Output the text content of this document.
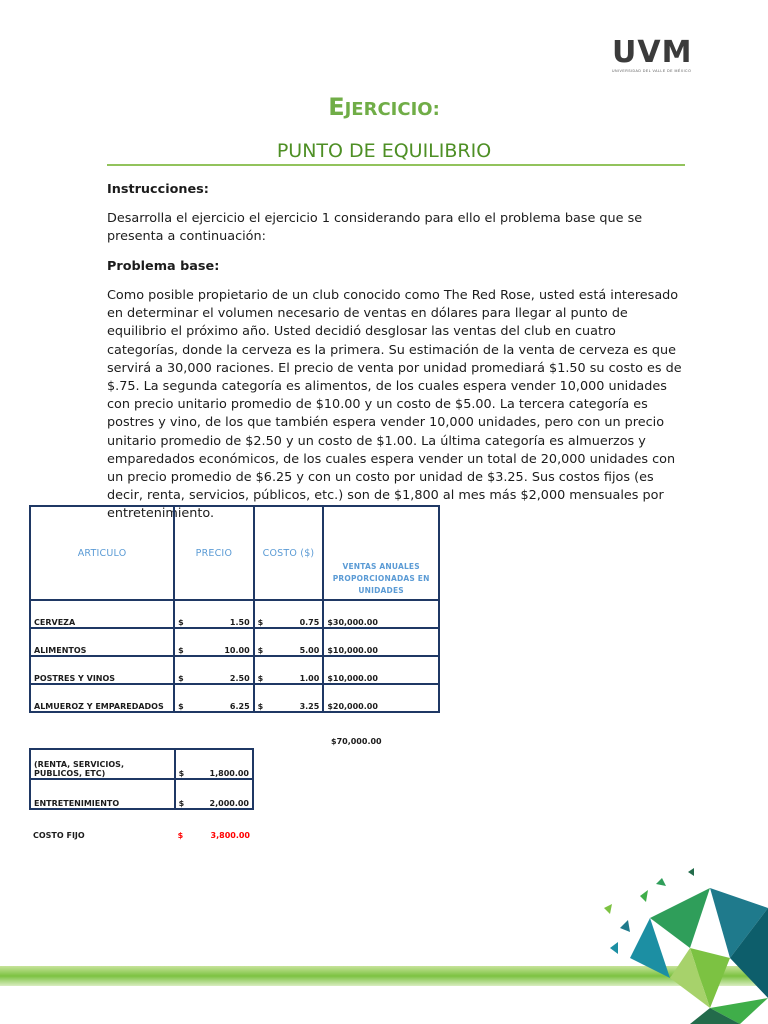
UVM
UNIVERSIDAD DEL VALLE DE MÉXICO
EJERCICIO:
PUNTO DE EQUILIBRIO
Instrucciones:
Desarrolla el ejercicio el ejercicio 1 considerando para ello el problema base que se presenta a continuación:
Problema base:
Como posible propietario de un club conocido como The Red Rose, usted está interesado en determinar el volumen necesario de ventas en dólares para llegar al punto de equilibrio el próximo año. Usted decidió desglosar las ventas del club en cuatro categorías, donde la cerveza es la primera. Su estimación de la venta de cerveza es que servirá a 30,000 raciones. El precio de venta por unidad promediará $1.50 su costo es de $.75. La segunda categoría es alimentos, de los cuales espera vender 10,000 unidades con precio unitario promedio de $10.00 y un costo de $5.00. La tercera categoría es postres y vino, de los que también espera vender 10,000 unidades, pero con un precio unitario promedio de $2.50 y un costo de $1.00. La última categoría es almuerzos y emparedados económicos, de los cuales espera vender un total de 20,000 unidades con un precio promedio de $6.25 y con un costo por unidad de $3.25. Sus costos fijos (es decir, renta, servicios, públicos, etc.) son de $1,800 al mes más $2,000 mensuales por entretenimiento.
ARTICULO	PRECIO	COSTO ($)	VENTAS ANUALES PROPORCIONADAS EN UNIDADES
CERVEZA	$ 1.50	$ 0.75	$30,000.00
ALIMENTOS	$ 10.00	$ 5.00	$10,000.00
POSTRES Y VINOS	$ 2.50	$ 1.00	$10,000.00
ALMUEROZ Y EMPAREDADOS	$ 6.25	$ 3.25	$20,000.00
$70,000.00
(RENTA, SERVICIOS, PUBLICOS, ETC)	$ 1,800.00

ENTRETENIMIENTO	$ 2,000.00

COSTO FIJO	$ 3,800.00
